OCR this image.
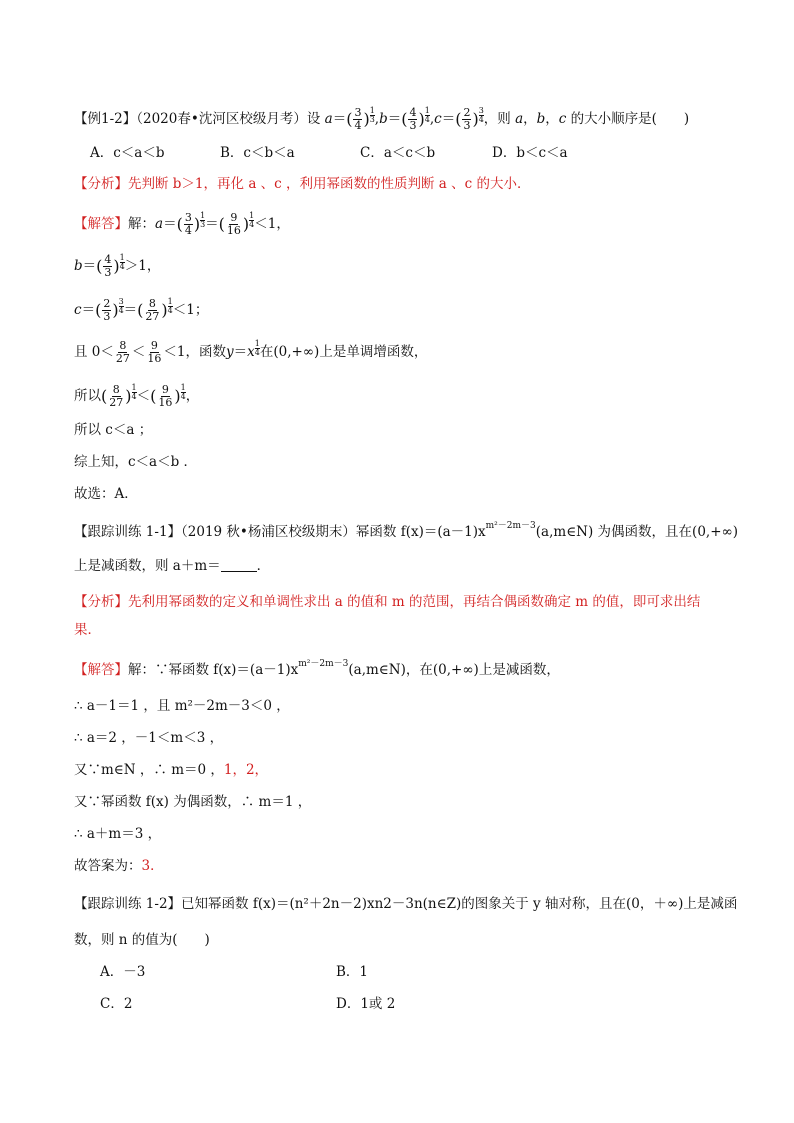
【例1-2】（2020春•沈河区校级月考）设 $a=( \frac{3}{4}$ ) $\frac{1}{3} ,b=( \frac{4}{3}$ ) $\frac{1}{4} ,c=( \frac{2}{3}$ ) $\frac{3}{4}$ ，则 a，b，c 的大小顺序是(　　)
A．c＜a＜b	B．c＜b＜a	C．a＜c＜b	D．b＜c＜a
【分析】先判断 b＞1，再化 a 、c ，利用幂函数的性质判断 a 、c 的大小．
【解答】解：$a=( \frac{3}{4}$ ) $\frac{1}{3}$ ＝( $\frac{9}{16}$ ) $\frac{1}{4} <1$，
$b=( \frac{4}{3}$ ) $\frac{1}{4} >1$，
$c=( \frac{2}{3}$ ) $\frac{3}{4}$ ＝( $\frac{8}{27}$ ) $\frac{1}{4} <1$；
且 $0< \frac{8}{27} < \frac{9}{16} <1$，函数$y=x \frac{1}{4}$ 在(0,+∞)上是单调增函数，
所以( $\frac{8}{27}$ ) $\frac{1}{4}$ ＜( $\frac{9}{16}$ ) $\frac{1}{4}$ ，
所以 c＜a ；
综上知，c＜a＜b ．
故选：A．
【跟踪训练 1-1】（2019 秋•杨浦区校级期末）幂函数 $f(x)=(a-1)x^{m^2-2m-3}(a,m\in N)$ 为偶函数，且在(0,+∞)
上是减函数，则 a＋m＝	．
【分析】先利用幂函数的定义和单调性求出 a 的值和 m 的范围，再结合偶函数确定 m 的值，即可求出结
果．
【解答】解：∵幂函数 $f(x)=(a-1)x^{m^2-2m-3}(a,m\in N)$，在(0,+∞)上是减函数，
∴ a－1＝1 ，且 m²－2m－3＜0 ，
∴ a＝2 ，－1＜m＜3 ，
又∵m∈N ，∴ m＝0 ，1，2，
又∵幂函数 f(x) 为偶函数，∴ m＝1 ，
∴ a＋m＝3 ，
故答案为：3．
【跟踪训练 1-2】已知幂函数 f(x)＝(n²＋2n－2)xn2－3n(n∈Z)的图象关于 y 轴对称，且在(0，＋∞)上是减函
数，则 n 的值为(　　)
A．－3	B．1
C．2	D．1或 2
